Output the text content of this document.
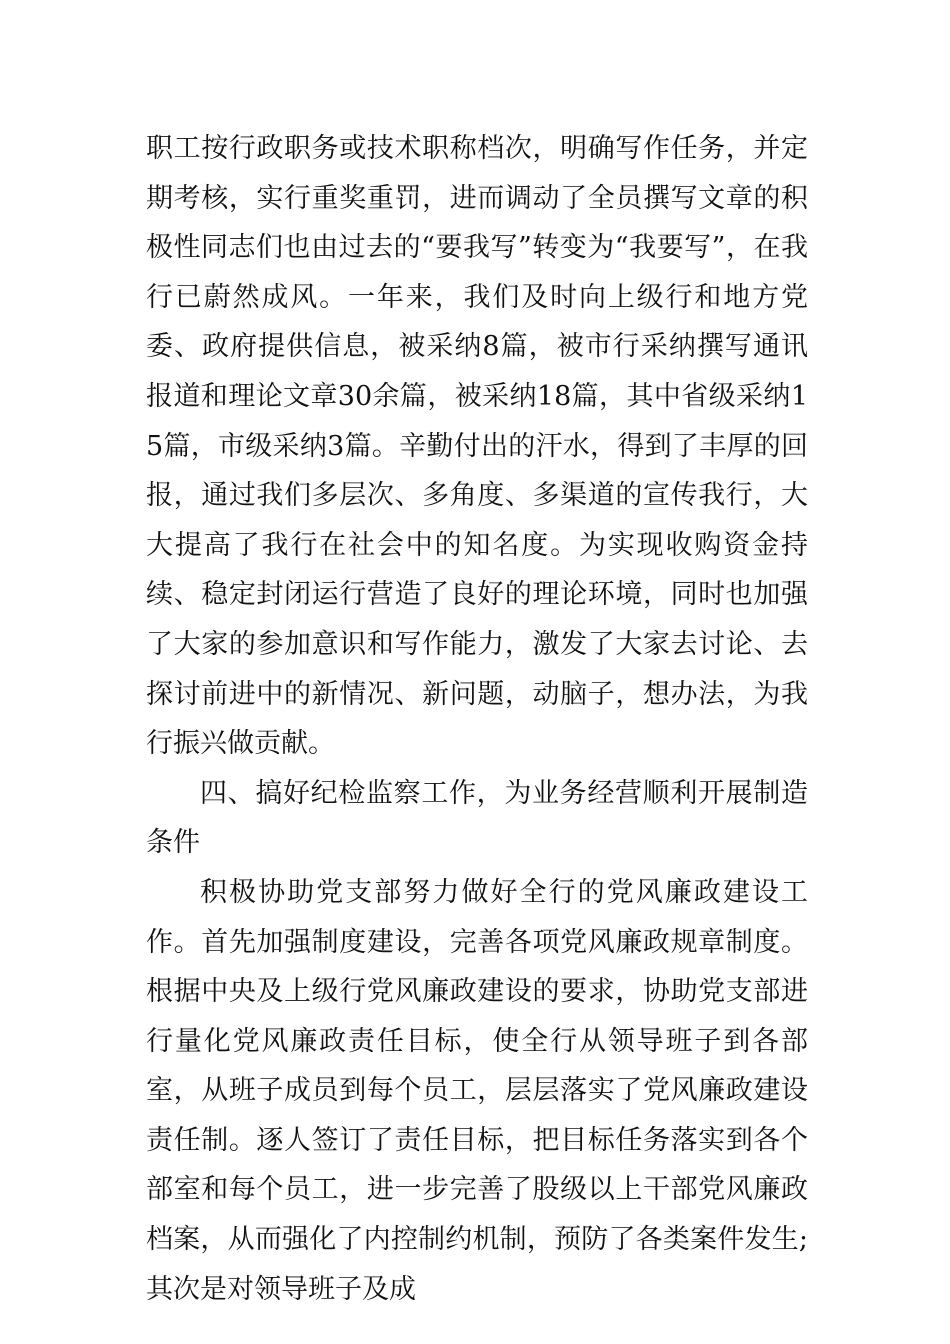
职工按行政职务或技术职称档次，明确写作任务，并定期考核，实行重奖重罚，进而调动了全员撰写文章的积极性同志们也由过去的“要我写”转变为“我要写”，在我行已蔚然成风。一年来，我们及时向上级行和地方党委、政府提供信息，被采纳8篇，被市行采纳撰写通讯报道和理论文章30余篇，被采纳18篇，其中省级采纳15篇，市级采纳3篇。辛勤付出的汗水，得到了丰厚的回报，通过我们多层次、多角度、多渠道的宣传我行，大大提高了我行在社会中的知名度。为实现收购资金持续、稳定封闭运行营造了良好的理论环境，同时也加强了大家的参加意识和写作能力，激发了大家去讨论、去探讨前进中的新情况、新问题，动脑子，想办法，为我行振兴做贡献。

四、搞好纪检监察工作，为业务经营顺利开展制造条件

积极协助党支部努力做好全行的党风廉政建设工作。首先加强制度建设，完善各项党风廉政规章制度。根据中央及上级行党风廉政建设的要求，协助党支部进行量化党风廉政责任目标，使全行从领导班子到各部室，从班子成员到每个员工，层层落实了党风廉政建设责任制。逐人签订了责任目标，把目标任务落实到各个部室和每个员工，进一步完善了股级以上干部党风廉政档案，从而强化了内控制约机制，预防了各类案件发生;其次是对领导班子及成
